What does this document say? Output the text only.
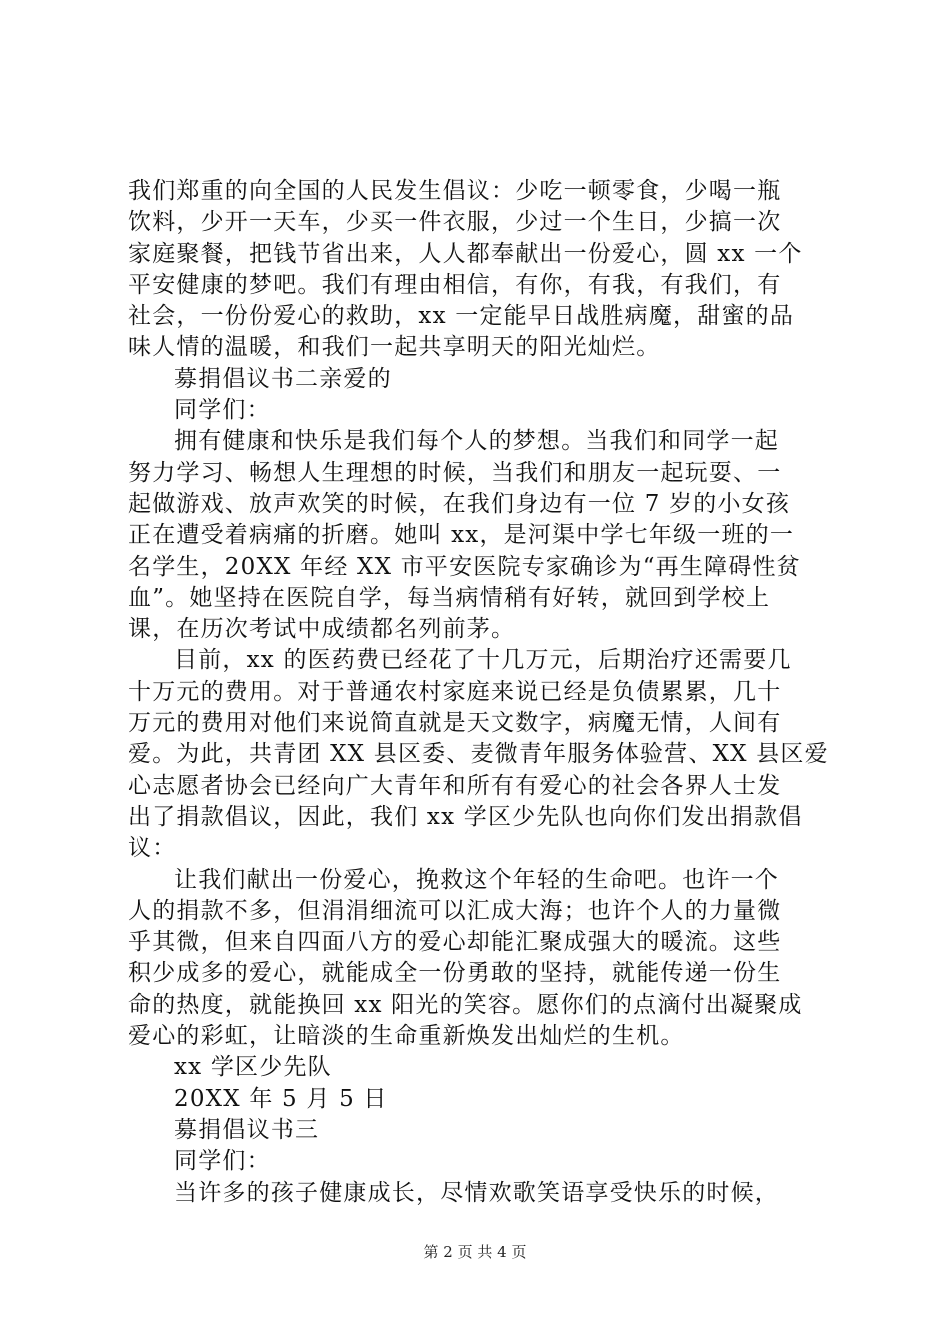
我们郑重的向全国的人民发生倡议：少吃一顿零食，少喝一瓶
饮料，少开一天车，少买一件衣服，少过一个生日，少搞一次
家庭聚餐，把钱节省出来，人人都奉献出一份爱心，圆 xx 一个
平安健康的梦吧。我们有理由相信，有你，有我，有我们，有
社会，一份份爱心的救助，xx 一定能早日战胜病魔，甜蜜的品
味人情的温暖，和我们一起共享明天的阳光灿烂。
募捐倡议书二亲爱的
同学们：
拥有健康和快乐是我们每个人的梦想。当我们和同学一起
努力学习、畅想人生理想的时候，当我们和朋友一起玩耍、一
起做游戏、放声欢笑的时候，在我们身边有一位 7 岁的小女孩
正在遭受着病痛的折磨。她叫 xx，是河渠中学七年级一班的一
名学生，20XX 年经 XX 市平安医院专家确诊为“再生障碍性贫
血”。她坚持在医院自学，每当病情稍有好转，就回到学校上
课，在历次考试中成绩都名列前茅。
目前，xx 的医药费已经花了十几万元，后期治疗还需要几
十万元的费用。对于普通农村家庭来说已经是负债累累，几十
万元的费用对他们来说简直就是天文数字，病魔无情，人间有
爱。为此，共青团 XX 县区委、麦微青年服务体验营、XX 县区爱
心志愿者协会已经向广大青年和所有有爱心的社会各界人士发
出了捐款倡议，因此，我们 xx 学区少先队也向你们发出捐款倡
议：
让我们献出一份爱心，挽救这个年轻的生命吧。也许一个
人的捐款不多，但涓涓细流可以汇成大海；也许个人的力量微
乎其微，但来自四面八方的爱心却能汇聚成强大的暖流。这些
积少成多的爱心，就能成全一份勇敢的坚持，就能传递一份生
命的热度，就能换回 xx 阳光的笑容。愿你们的点滴付出凝聚成
爱心的彩虹，让暗淡的生命重新焕发出灿烂的生机。
xx 学区少先队
20XX 年 5 月 5 日
募捐倡议书三
同学们：
当许多的孩子健康成长，尽情欢歌笑语享受快乐的时候，
第 2 页 共 4 页
